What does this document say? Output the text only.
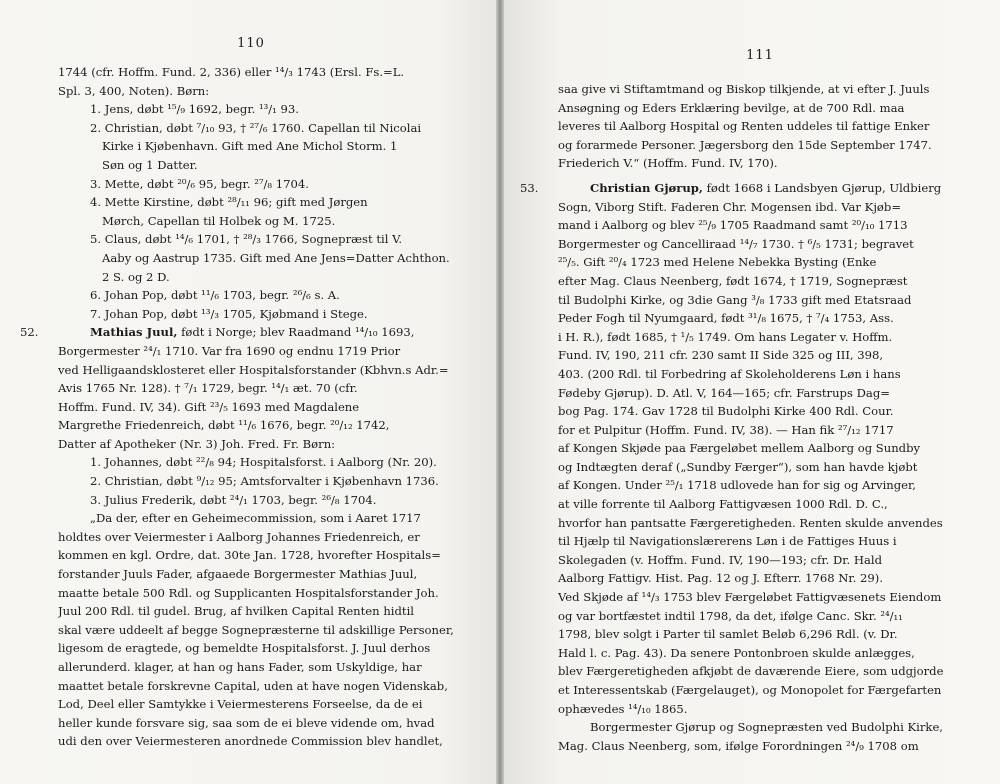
110
1744 (cfr. Hoffm. Fund. 2, 336) eller ¹⁴/₃ 1743 (Ersl. Fs.=L.
Spl. 3, 400, Noten). Børn:
1. Jens, døbt ¹⁵/₉ 1692, begr. ¹³/₁ 93.
2. Christian, døbt ⁷/₁₀ 93, † ²⁷/₆ 1760. Capellan til Nicolai
Kirke i Kjøbenhavn. Gift med Ane Michol Storm. 1
Søn og 1 Datter.
3. Mette, døbt ²⁰/₆ 95, begr. ²⁷/₈ 1704.
4. Mette Kirstine, døbt ²⁸/₁₁ 96; gift med Jørgen
Mørch, Capellan til Holbek og M. 1725.
5. Claus, døbt ¹⁴/₆ 1701, † ²⁸/₃ 1766, Sognepræst til V.
Aaby og Aastrup 1735. Gift med Ane Jens=Datter Achthon.
2 S. og 2 D.
6. Johan Pop, døbt ¹¹/₆ 1703, begr. ²⁶/₆ s. A.
7. Johan Pop, døbt ¹³/₃ 1705, Kjøbmand i Stege.
52.	Mathias Juul, født i Norge; blev Raadmand ¹⁴/₁₀ 1693,
Borgermester ²⁴/₁ 1710. Var fra 1690 og endnu 1719 Prior
ved Helligaandsklosteret eller Hospitalsforstander (Kbhvn.s Adr.=
Avis 1765 Nr. 128). † ⁷/₁ 1729, begr. ¹⁴/₁ æt. 70 (cfr.
Hoffm. Fund. IV, 34). Gift ²³/₅ 1693 med Magdalene
Margrethe Friedenreich, døbt ¹¹/₆ 1676, begr. ²⁰/₁₂ 1742,
Datter af Apotheker (Nr. 3) Joh. Fred. Fr. Børn:
1. Johannes, døbt ²²/₈ 94; Hospitalsforst. i Aalborg (Nr. 20).
2. Christian, døbt ⁹/₁₂ 95; Amtsforvalter i Kjøbenhavn 1736.
3. Julius Frederik, døbt ²⁴/₁ 1703, begr. ²⁶/₈ 1704.
„Da der, efter en Geheimecommission, som i Aaret 1717
holdtes over Veiermester i Aalborg Johannes Friedenreich, er
kommen en kgl. Ordre, dat. 30te Jan. 1728, hvorefter Hospitals=
forstander Juuls Fader, afgaaede Borgermester Mathias Juul,
maatte betale 500 Rdl. og Supplicanten Hospitalsforstander Joh.
Juul 200 Rdl. til gudel. Brug, af hvilken Capital Renten hidtil
skal være uddeelt af begge Sognepræsterne til adskillige Personer,
ligesom de eragtede, og bemeldte Hospitalsforst. J. Juul derhos
allerunderd. klager, at han og hans Fader, som Uskyldige, har
maattet betale forskrevne Capital, uden at have nogen Videnskab,
Lod, Deel eller Samtykke i Veiermesterens Forseelse, da de ei
heller kunde forsvare sig, saa som de ei bleve vidende om, hvad
udi den over Veiermesteren anordnede Commission blev handlet,
111
saa give vi Stiftamtmand og Biskop tilkjende, at vi efter J. Juuls
Ansøgning og Eders Erklæring bevilge, at de 700 Rdl. maa
leveres til Aalborg Hospital og Renten uddeles til fattige Enker
og forarmede Personer. Jægersborg den 15de September 1747.
Friederich V.“ (Hoffm. Fund. IV, 170).
53.	Christian Gjørup, født 1668 i Landsbyen Gjørup, Uldbierg
Sogn, Viborg Stift. Faderen Chr. Mogensen ibd. Var Kjøb=
mand i Aalborg og blev ²⁵/₉ 1705 Raadmand samt ²⁰/₁₀ 1713
Borgermester og Cancelliraad ¹⁴/₇ 1730. † ⁶/₅ 1731; begravet
²⁵/₅. Gift ²⁰/₄ 1723 med Helene Nebekka Bysting (Enke
efter Mag. Claus Neenberg, født 1674, † 1719, Sognepræst
til Budolphi Kirke, og 3die Gang ³/₈ 1733 gift med Etatsraad
Peder Fogh til Nyumgaard, født ³¹/₈ 1675, † ⁷/₄ 1753, Ass.
i H. R.), født 1685, † ¹/₅ 1749. Om hans Legater v. Hoffm.
Fund. IV, 190, 211 cfr. 230 samt II Side 325 og III, 398,
403. (200 Rdl. til Forbedring af Skoleholderens Løn i hans
Fødeby Gjørup). D. Atl. V, 164—165; cfr. Farstrups Dag=
bog Pag. 174. Gav 1728 til Budolphi Kirke 400 Rdl. Cour.
for et Pulpitur (Hoffm. Fund. IV, 38). — Han fik ²⁷/₁₂ 1717
af Kongen Skjøde paa Færgeløbet mellem Aalborg og Sundby
og Indtægten deraf („Sundby Færger“), som han havde kjøbt
af Kongen. Under ²⁵/₁ 1718 udlovede han for sig og Arvinger,
at ville forrente til Aalborg Fattigvæsen 1000 Rdl. D. C.,
hvorfor han pantsatte Færgeretigheden. Renten skulde anvendes
til Hjælp til Navigationslærerens Løn i de Fattiges Huus i
Skolegaden (v. Hoffm. Fund. IV, 190—193; cfr. Dr. Hald
Aalborg Fattigv. Hist. Pag. 12 og J. Efterr. 1768 Nr. 29).
Ved Skjøde af ¹⁴/₃ 1753 blev Færgeløbet Fattigvæsenets Eiendom
og var bortfæstet indtil 1798, da det, ifølge Canc. Skr. ²⁴/₁₁
1798, blev solgt i Parter til samlet Beløb 6,296 Rdl. (v. Dr.
Hald l. c. Pag. 43). Da senere Pontonbroen skulde anlægges,
blev Færgeretigheden afkjøbt de daværende Eiere, som udgjorde
et Interessentskab (Færgelauget), og Monopolet for Færgefarten
ophævedes ¹⁴/₁₀ 1865.
Borgermester Gjørup og Sognepræsten ved Budolphi Kirke,
Mag. Claus Neenberg, som, ifølge Forordningen ²⁴/₉ 1708 om
